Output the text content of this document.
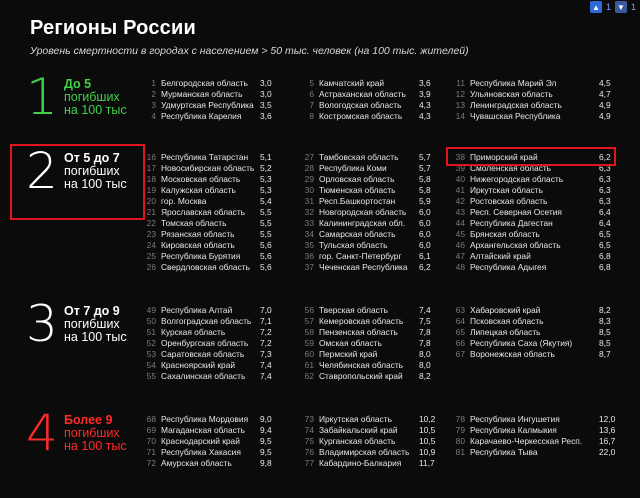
▲ 1 ▼ 1
Регионы России
Уровень смертности в городах с населением > 50 тыс. человек (на 100 тыс. жителей)
1 До 5
погибших
на 100 тыс
1 Белгородская область 3,0
2 Мурманская область 3,0
3 Удмуртская Республика 3,5
4 Республика Карелия 3,6
5 Камчатский край	3,6
6 Астраханская область 3,9
7 Вологодская область 4,3
8 Костромская область 4,3
11 Республика Марий Эл	4,5
12 Ульяновская область	4,7
13 Ленинградская область	4,9
14 Чувашская Республика	4,9
2 От 5 до 7
погибших
на 100 тыс
16 Республика Татарстан 5,1
17 Новосибирская область 5,2
18 Московская область 5,3
19 Калужская область	5,3
20 гор. Москва	5,4
21 Ярославская область 5,5
22 Томская область	5,5
23 Рязанская область	5,5
24 Кировская область	5,6
25 Республика Бурятия 5,6
26 Свердловская область 5,6
27 Тамбовская область 5,7
28 Республика Коми	5,7
29 Орловская область	5,8
30 Тюменская область	5,8
31 Респ.Башкортостан	5,9
32 Новгородская область 6,0
33 Калининградская обл. 6,0
34 Самарская область	6,0
35 Тульская область	6,0
36 гор. Санкт-Петербург 6,1
37 Чеченская Республика 6,2
38 Приморский край	6,2
39 Смоленская область	6,3
40 Нижегородская область	6,3
41 Иркутская область	6,3
42 Ростовская область	6,3
43 Респ. Северная Осетия	6,4
44 Республика Дагестан	6,4
45 Брянская область	6,5
46 Архангельская область	6,5
47 Алтайский край	6,8
48 Республика Адыгея	6,8
3 От 7 до 9
погибших
на 100 тыс
49 Республика Алтай	7,0
50 Волгоградская область 7,1
51 Курская область	7,2
52 Оренбургская область 7,2
53 Саратовская область 7,3
54 Красноярский край	7,4
55 Сахалинская область 7,4
56 Тверская область	7,4
57 Кемеровская область 7,5
58 Пензенская область	7,8
59 Омская область	7,8
60 Пермский край	8,0
61 Челябинская область 8,0
62 Ставропольский край 8,2
63 Хабаровский край	8,2
64 Псковская область	8,3
65 Липецкая область	8,5
66 Республика Саха (Якутия)	8,5
67 Воронежская область	8,7
4 Более 9
погибших
на 100 тыс
68 Республика Мордовия 9,0
69 Магаданская область 9,4
70 Краснодарский край 9,5
71 Республика Хакасия 9,5
72 Амурская область	9,8
73 Иркутская область	10,2
74 Забайкальский край	10,5
75 Курганская область	10,5
76 Владимирская область 10,9
77 Кабардино-Балкария 11,7
78 Республика Ингушетия	12,0
79 Республика Калмыкия	13,6
80 Карачаево-Черкесская Респ. 16,7
81 Республика Тыва	22,0
